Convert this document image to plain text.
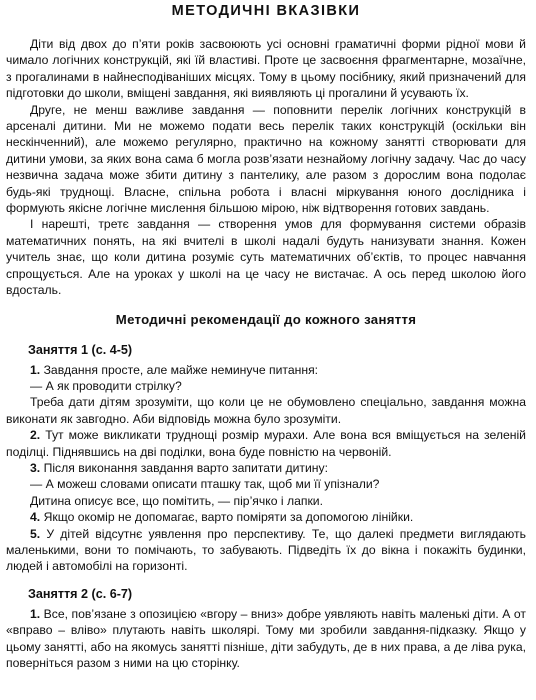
МЕТОДИЧНІ ВКАЗІВКИ

Діти від двох до п’яти років засвоюють усі основні граматичні форми рідної мови й чимало логічних конструкцій, які їй властиві. Проте це засвоєння фрагментарне, мозаїчне, з прогалинами в найнесподіваніших місцях. Тому в цьому посібнику, який призначений для підготовки до школи, вміщені завдання, які виявляють ці прогалини й усувають їх.

Друге, не менш важливе завдання — поповнити перелік логічних конструкцій в арсеналі дитини. Ми не можемо подати весь перелік таких конструкцій (оскільки він нескінченний), але можемо регулярно, практично на кожному занятті створювати для дитини умови, за яких вона сама б могла розв’язати незнайому логічну задачу. Час до часу незвична задача може збити дитину з пантелику, але разом з дорослим вона подолає будь-які труднощі. Власне, спільна робота і власні міркування юного дослідника і формують якісне логічне мислення більшою мірою, ніж відтворення готових завдань.

І нарешті, третє завдання — створення умов для формування системи образів математичних понять, на які вчителі в школі надалі будуть нанизувати знання. Кожен учитель знає, що коли дитина розуміє суть математичних об’єктів, то процес навчання спрощується. Але на уроках у школі на це часу не вистачає. А ось перед школою його вдосталь.

Методичні рекомендації до кожного заняття
Заняття 1 (с. 4-5)

1. Завдання просте, але майже неминуче питання:

— А як проводити стрілку?

Треба дати дітям зрозуміти, що коли це не обумовлено спеціально, завдання можна виконати як завгодно. Аби відповідь можна було зрозуміти.

2. Тут може викликати труднощі розмір мурахи. Але вона вся вміщується на зеленій поділці. Піднявшись на дві поділки, вона буде повністю на червоній.

3. Після виконання завдання варто запитати дитину:

— А можеш словами описати пташку так, щоб ми її упізнали?

Дитина описує все, що помітить, — пір’ячко і лапки.

4. Якщо окомір не допомагає, варто поміряти за допомогою лінійки.

5. У дітей відсутнє уявлення про перспективу. Те, що далекі предмети виглядають маленькими, вони то помічають, то забувають. Підведіть їх до вікна і покажіть будинки, людей і автомобілі на горизонті.

Заняття 2 (с. 6-7)

1. Все, пов’язане з опозицією «вгору – вниз» добре уявляють навіть маленькі діти. А от «вправо – вліво» плутають навіть школярі. Тому ми зробили завдання-підказку. Якщо у цьому занятті, або на якомусь занятті пізніше, діти забудуть, де в них права, а де ліва рука, поверніться разом з ними на цю сторінку.
